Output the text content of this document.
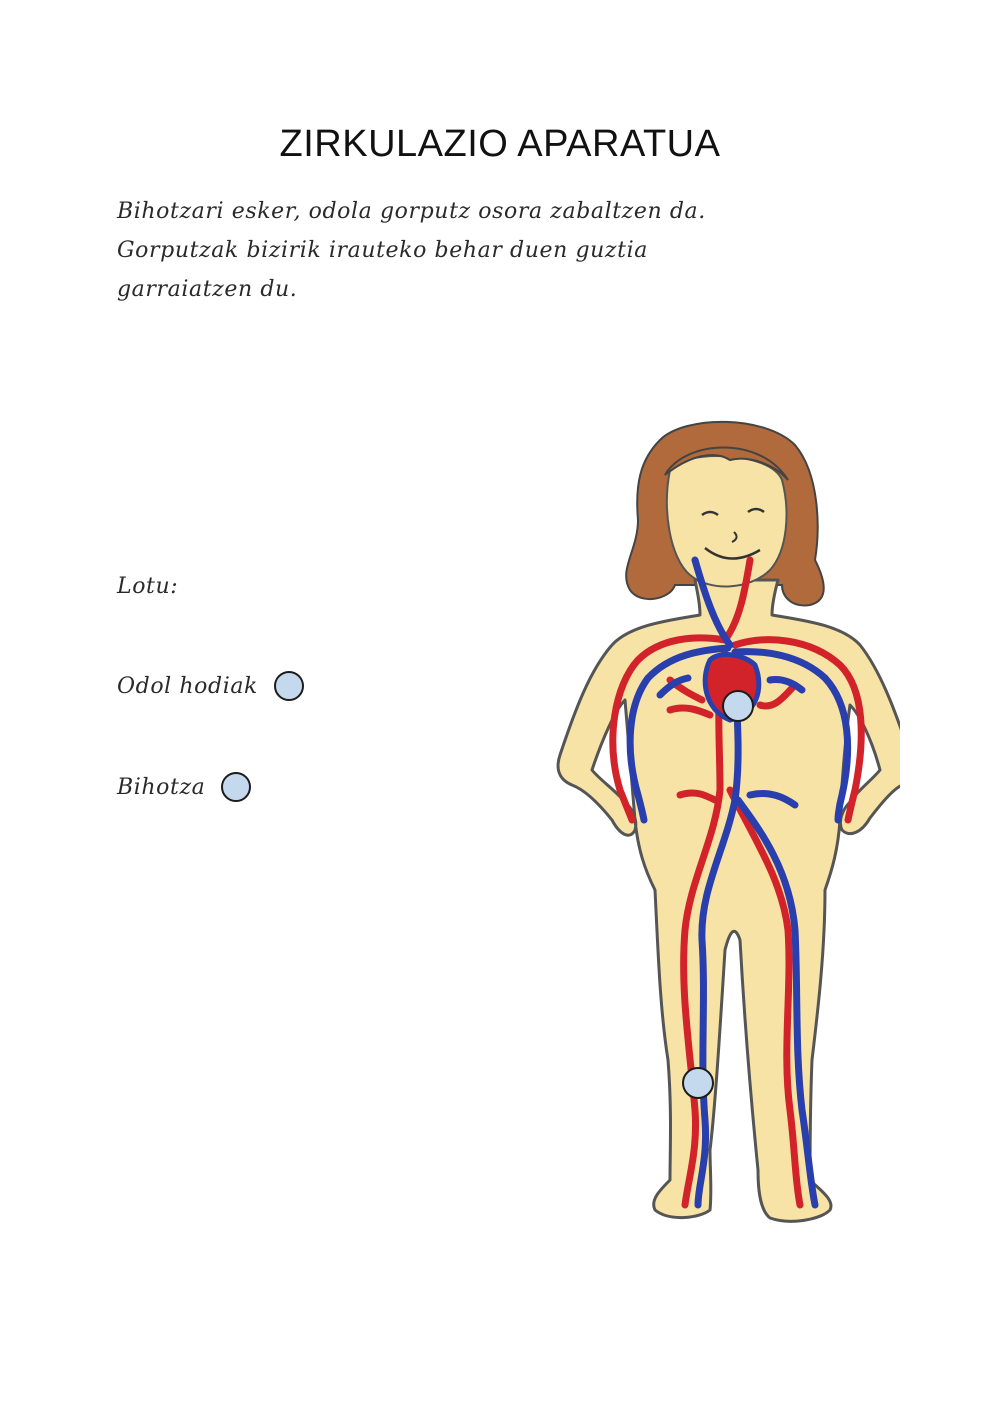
ZIRKULAZIO APARATUA
Bihotzari esker, odola gorputz osora zabaltzen da.
Gorputzak bizirik irauteko behar duen guztia
garraiatzen du.
Lotu:
Odol hodiak
Bihotza
